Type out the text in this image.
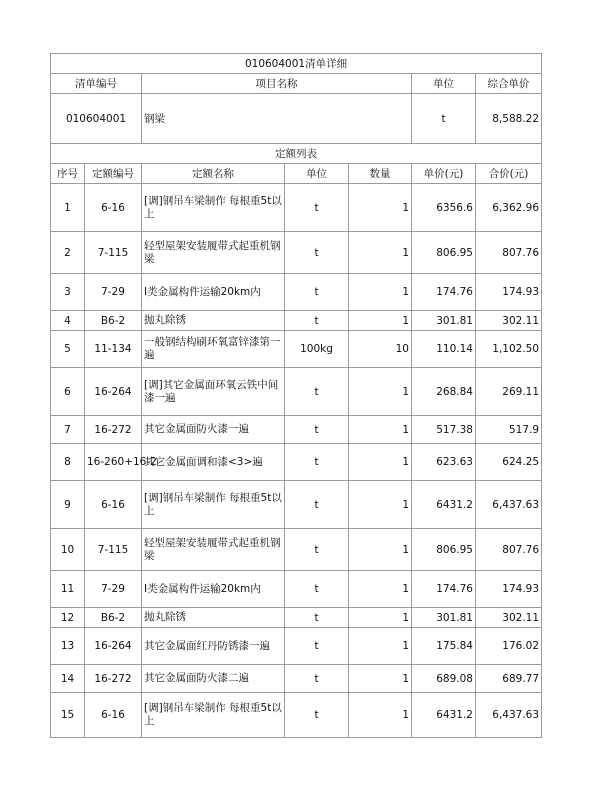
010604001清单详细						
清单编号		项目名称			单位	综合单价
010604001		钢梁			t	8,588.22
定额列表						
序号	定额编号	定额名称	单位	数量	单价(元)	合价(元)
1	6-16	[调]钢吊车梁制作 每根重5t以上	t	1	6356.6	6,362.96
2	7-115	轻型屋架安装履带式起重机钢梁	t	1	806.95	807.76
3	7-29	Ⅰ类金属构件运输20km内	t	1	174.76	174.93
4	B6-2	抛丸除锈	t	1	301.81	302.11
5	11-134	一般钢结构刷环氧富锌漆第一遍	100kg	10	110.14	1,102.50
6	16-264	[调]其它金属面环氧云铁中间漆一遍	t	1	268.84	269.11
7	16-272	其它金属面防火漆一遍	t	1	517.38	517.9
8	16-260+16-2	其它金属面调和漆<3>遍	t	1	623.63	624.25
9	6-16	[调]钢吊车梁制作 每根重5t以上	t	1	6431.2	6,437.63
10	7-115	轻型屋架安装履带式起重机钢梁	t	1	806.95	807.76
11	7-29	Ⅰ类金属构件运输20km内	t	1	174.76	174.93
12	B6-2	抛丸除锈	t	1	301.81	302.11
13	16-264	其它金属面红丹防锈漆一遍	t	1	175.84	176.02
14	16-272	其它金属面防火漆二遍	t	1	689.08	689.77
15	6-16	[调]钢吊车梁制作 每根重5t以上	t	1	6431.2	6,437.63
